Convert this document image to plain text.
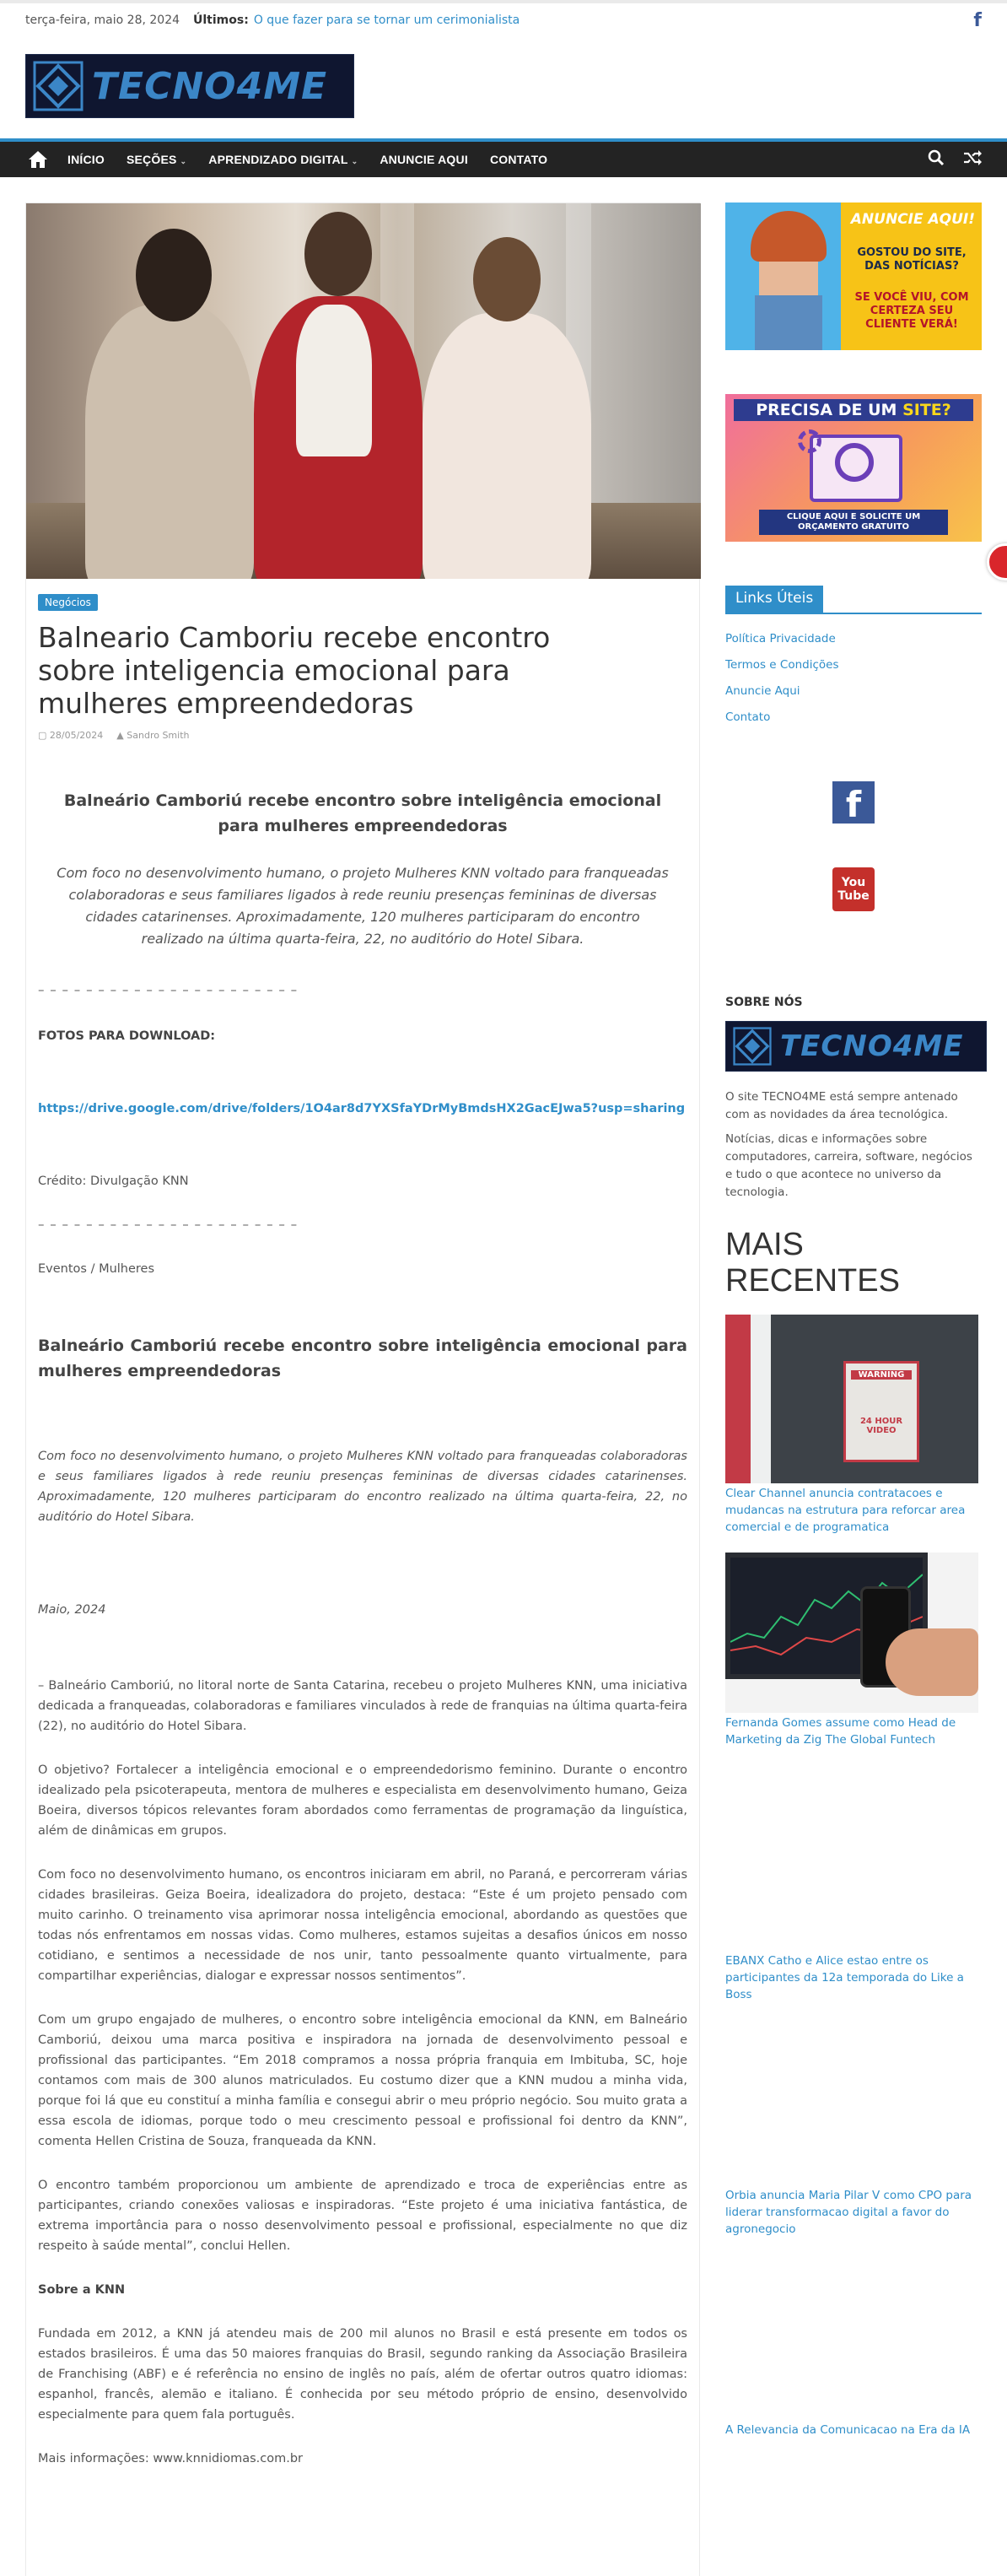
terça-feira, maio 28, 2024 Últimos: O que fazer para se tornar um cerimonialista	f
TECNO4ME
INÍCIO SEÇÕES ⌄ APRENDIZADO DIGITAL ⌄ ANUNCIE AQUI CONTATO
Negócios
Balneario Camboriu recebe encontro sobre inteligencia emocional para mulheres empreendedoras
▢ 28/05/2024 ▲ Sandro Smith
Balneário Camboriú recebe encontro sobre inteligência emocional para mulheres empreendedoras
Com foco no desenvolvimento humano, o projeto Mulheres KNN voltado para franqueadas colaboradoras e seus familiares ligados à rede reuniu presenças femininas de diversas cidades catarinenses. Aproximadamente, 120 mulheres participaram do encontro realizado na última quarta-feira, 22, no auditório do Hotel Sibara.
– – – – – – – – – – – – – – – – – – – – – –
FOTOS PARA DOWNLOAD:
https://drive.google.com/drive/folders/1O4ar8d7YXSfaYDrMyBmdsHX2GacEJwa5?usp=sharing
Crédito: Divulgação KNN
– – – – – – – – – – – – – – – – – – – – – –
Eventos / Mulheres
Balneário Camboriú recebe encontro sobre inteligência emocional para mulheres empreendedoras
Com foco no desenvolvimento humano, o projeto Mulheres KNN voltado para franqueadas colaboradoras e seus familiares ligados à rede reuniu presenças femininas de diversas cidades catarinenses. Aproximadamente, 120 mulheres participaram do encontro realizado na última quarta-feira, 22, no auditório do Hotel Sibara.
Maio, 2024
– Balneário Camboriú, no litoral norte de Santa Catarina, recebeu o projeto Mulheres KNN, uma iniciativa dedicada a franqueadas, colaboradoras e familiares vinculados à rede de franquias na última quarta-feira (22), no auditório do Hotel Sibara.
O objetivo? Fortalecer a inteligência emocional e o empreendedorismo feminino. Durante o encontro idealizado pela psicoterapeuta, mentora de mulheres e especialista em desenvolvimento humano, Geiza Boeira, diversos tópicos relevantes foram abordados como ferramentas de programação da linguística, além de dinâmicas em grupos.
Com foco no desenvolvimento humano, os encontros iniciaram em abril, no Paraná, e percorreram várias cidades brasileiras. Geiza Boeira, idealizadora do projeto, destaca: “Este é um projeto pensado com muito carinho. O treinamento visa aprimorar nossa inteligência emocional, abordando as questões que todas nós enfrentamos em nossas vidas. Como mulheres, estamos sujeitas a desafios únicos em nosso cotidiano, e sentimos a necessidade de nos unir, tanto pessoalmente quanto virtualmente, para compartilhar experiências, dialogar e expressar nossos sentimentos”.
Com um grupo engajado de mulheres, o encontro sobre inteligência emocional da KNN, em Balneário Camboriú, deixou uma marca positiva e inspiradora na jornada de desenvolvimento pessoal e profissional das participantes. “Em 2018 compramos a nossa própria franquia em Imbituba, SC, hoje contamos com mais de 300 alunos matriculados. Eu costumo dizer que a KNN mudou a minha vida, porque foi lá que eu constituí a minha família e consegui abrir o meu próprio negócio. Sou muito grata a essa escola de idiomas, porque todo o meu crescimento pessoal e profissional foi dentro da KNN”, comenta Hellen Cristina de Souza, franqueada da KNN.
O encontro também proporcionou um ambiente de aprendizado e troca de experiências entre as participantes, criando conexões valiosas e inspiradoras. “Este projeto é uma iniciativa fantástica, de extrema importância para o nosso desenvolvimento pessoal e profissional, especialmente no que diz respeito à saúde mental”, conclui Hellen.
Sobre a KNN
Fundada em 2012, a KNN já atendeu mais de 200 mil alunos no Brasil e está presente em todos os estados brasileiros. É uma das 50 maiores franquias do Brasil, segundo ranking da Associação Brasileira de Franchising (ABF) e é referência no ensino de inglês no país, além de ofertar outros quatro idiomas: espanhol, francês, alemão e italiano. É conhecida por seu método próprio de ensino, desenvolvido especialmente para quem fala português.
Mais informações: www.knnidiomas.com.br
ANUNCIE AQUI!
GOSTOU DO SITE, DAS NOTÍCIAS?
SE VOCÊ VIU, COM CERTEZA SEU CLIENTE VERÁ!
PRECISA DE UM SITE?
CLIQUE AQUI E SOLICITE UM ORÇAMENTO GRATUITO
Links Úteis
Política Privacidade
Termos e Condições
Anuncie Aqui
Contato
f
You
Tube
SOBRE NÓS
TECNO4ME
O site TECNO4ME está sempre antenado com as novidades da área tecnológica.
Notícias, dicas e informações sobre computadores, carreira, software, negócios e tudo o que acontece no universo da tecnologia.
MAIS RECENTES
WARNING
24 HOUR VIDEO
Clear Channel anuncia contratacoes e mudancas na estrutura para reforcar area comercial e de programatica
Fernanda Gomes assume como Head de Marketing da Zig The Global Funtech
EBANX Catho e Alice estao entre os participantes da 12a temporada do Like a Boss
Orbia anuncia Maria Pilar V como CPO para liderar transformacao digital a favor do agronegocio
A Relevancia da Comunicacao na Era da IA
